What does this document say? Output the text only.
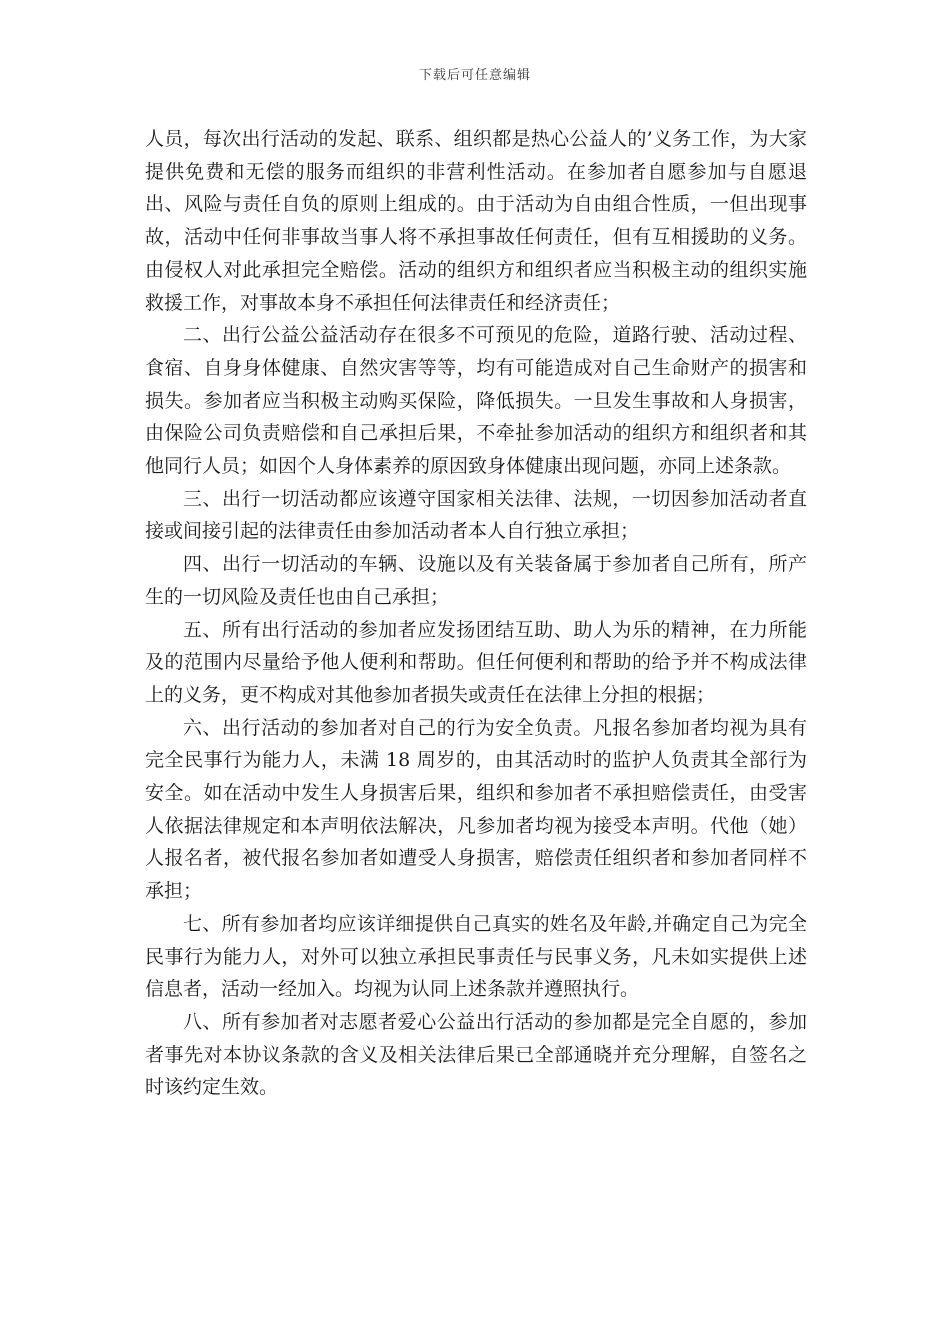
下载后可任意编辑

人员，每次出行活动的发起、联系、组织都是热心公益人的’义务工作，为大家提供免费和无偿的服务而组织的非营利性活动。在参加者自愿参加与自愿退出、风险与责任自负的原则上组成的。由于活动为自由组合性质，一但出现事故，活动中任何非事故当事人将不承担事故任何责任，但有互相援助的义务。由侵权人对此承担完全赔偿。活动的组织方和组织者应当积极主动的组织实施救援工作，对事故本身不承担任何法律责任和经济责任；

二、出行公益公益活动存在很多不可预见的危险，道路行驶、活动过程、食宿、自身身体健康、自然灾害等等，均有可能造成对自己生命财产的损害和损失。参加者应当积极主动购买保险，降低损失。一旦发生事故和人身损害，由保险公司负责赔偿和自己承担后果，不牵扯参加活动的组织方和组织者和其他同行人员；如因个人身体素养的原因致身体健康出现问题，亦同上述条款。

三、出行一切活动都应该遵守国家相关法律、法规，一切因参加活动者直接或间接引起的法律责任由参加活动者本人自行独立承担；

四、出行一切活动的车辆、设施以及有关装备属于参加者自己所有，所产生的一切风险及责任也由自己承担；

五、所有出行活动的参加者应发扬团结互助、助人为乐的精神，在力所能及的范围内尽量给予他人便利和帮助。但任何便利和帮助的给予并不构成法律上的义务，更不构成对其他参加者损失或责任在法律上分担的根据；

六、出行活动的参加者对自己的行为安全负责。凡报名参加者均视为具有完全民事行为能力人，未满 18 周岁的，由其活动时的监护人负责其全部行为安全。如在活动中发生人身损害后果，组织和参加者不承担赔偿责任，由受害人依据法律规定和本声明依法解决，凡参加者均视为接受本声明。代他（她）人报名者，被代报名参加者如遭受人身损害，赔偿责任组织者和参加者同样不承担；

七、所有参加者均应该详细提供自己真实的姓名及年龄,并确定自己为完全民事行为能力人，对外可以独立承担民事责任与民事义务，凡未如实提供上述信息者，活动一经加入。均视为认同上述条款并遵照执行。

八、所有参加者对志愿者爱心公益出行活动的参加都是完全自愿的，参加者事先对本协议条款的含义及相关法律后果已全部通晓并充分理解，自签名之时该约定生效。
